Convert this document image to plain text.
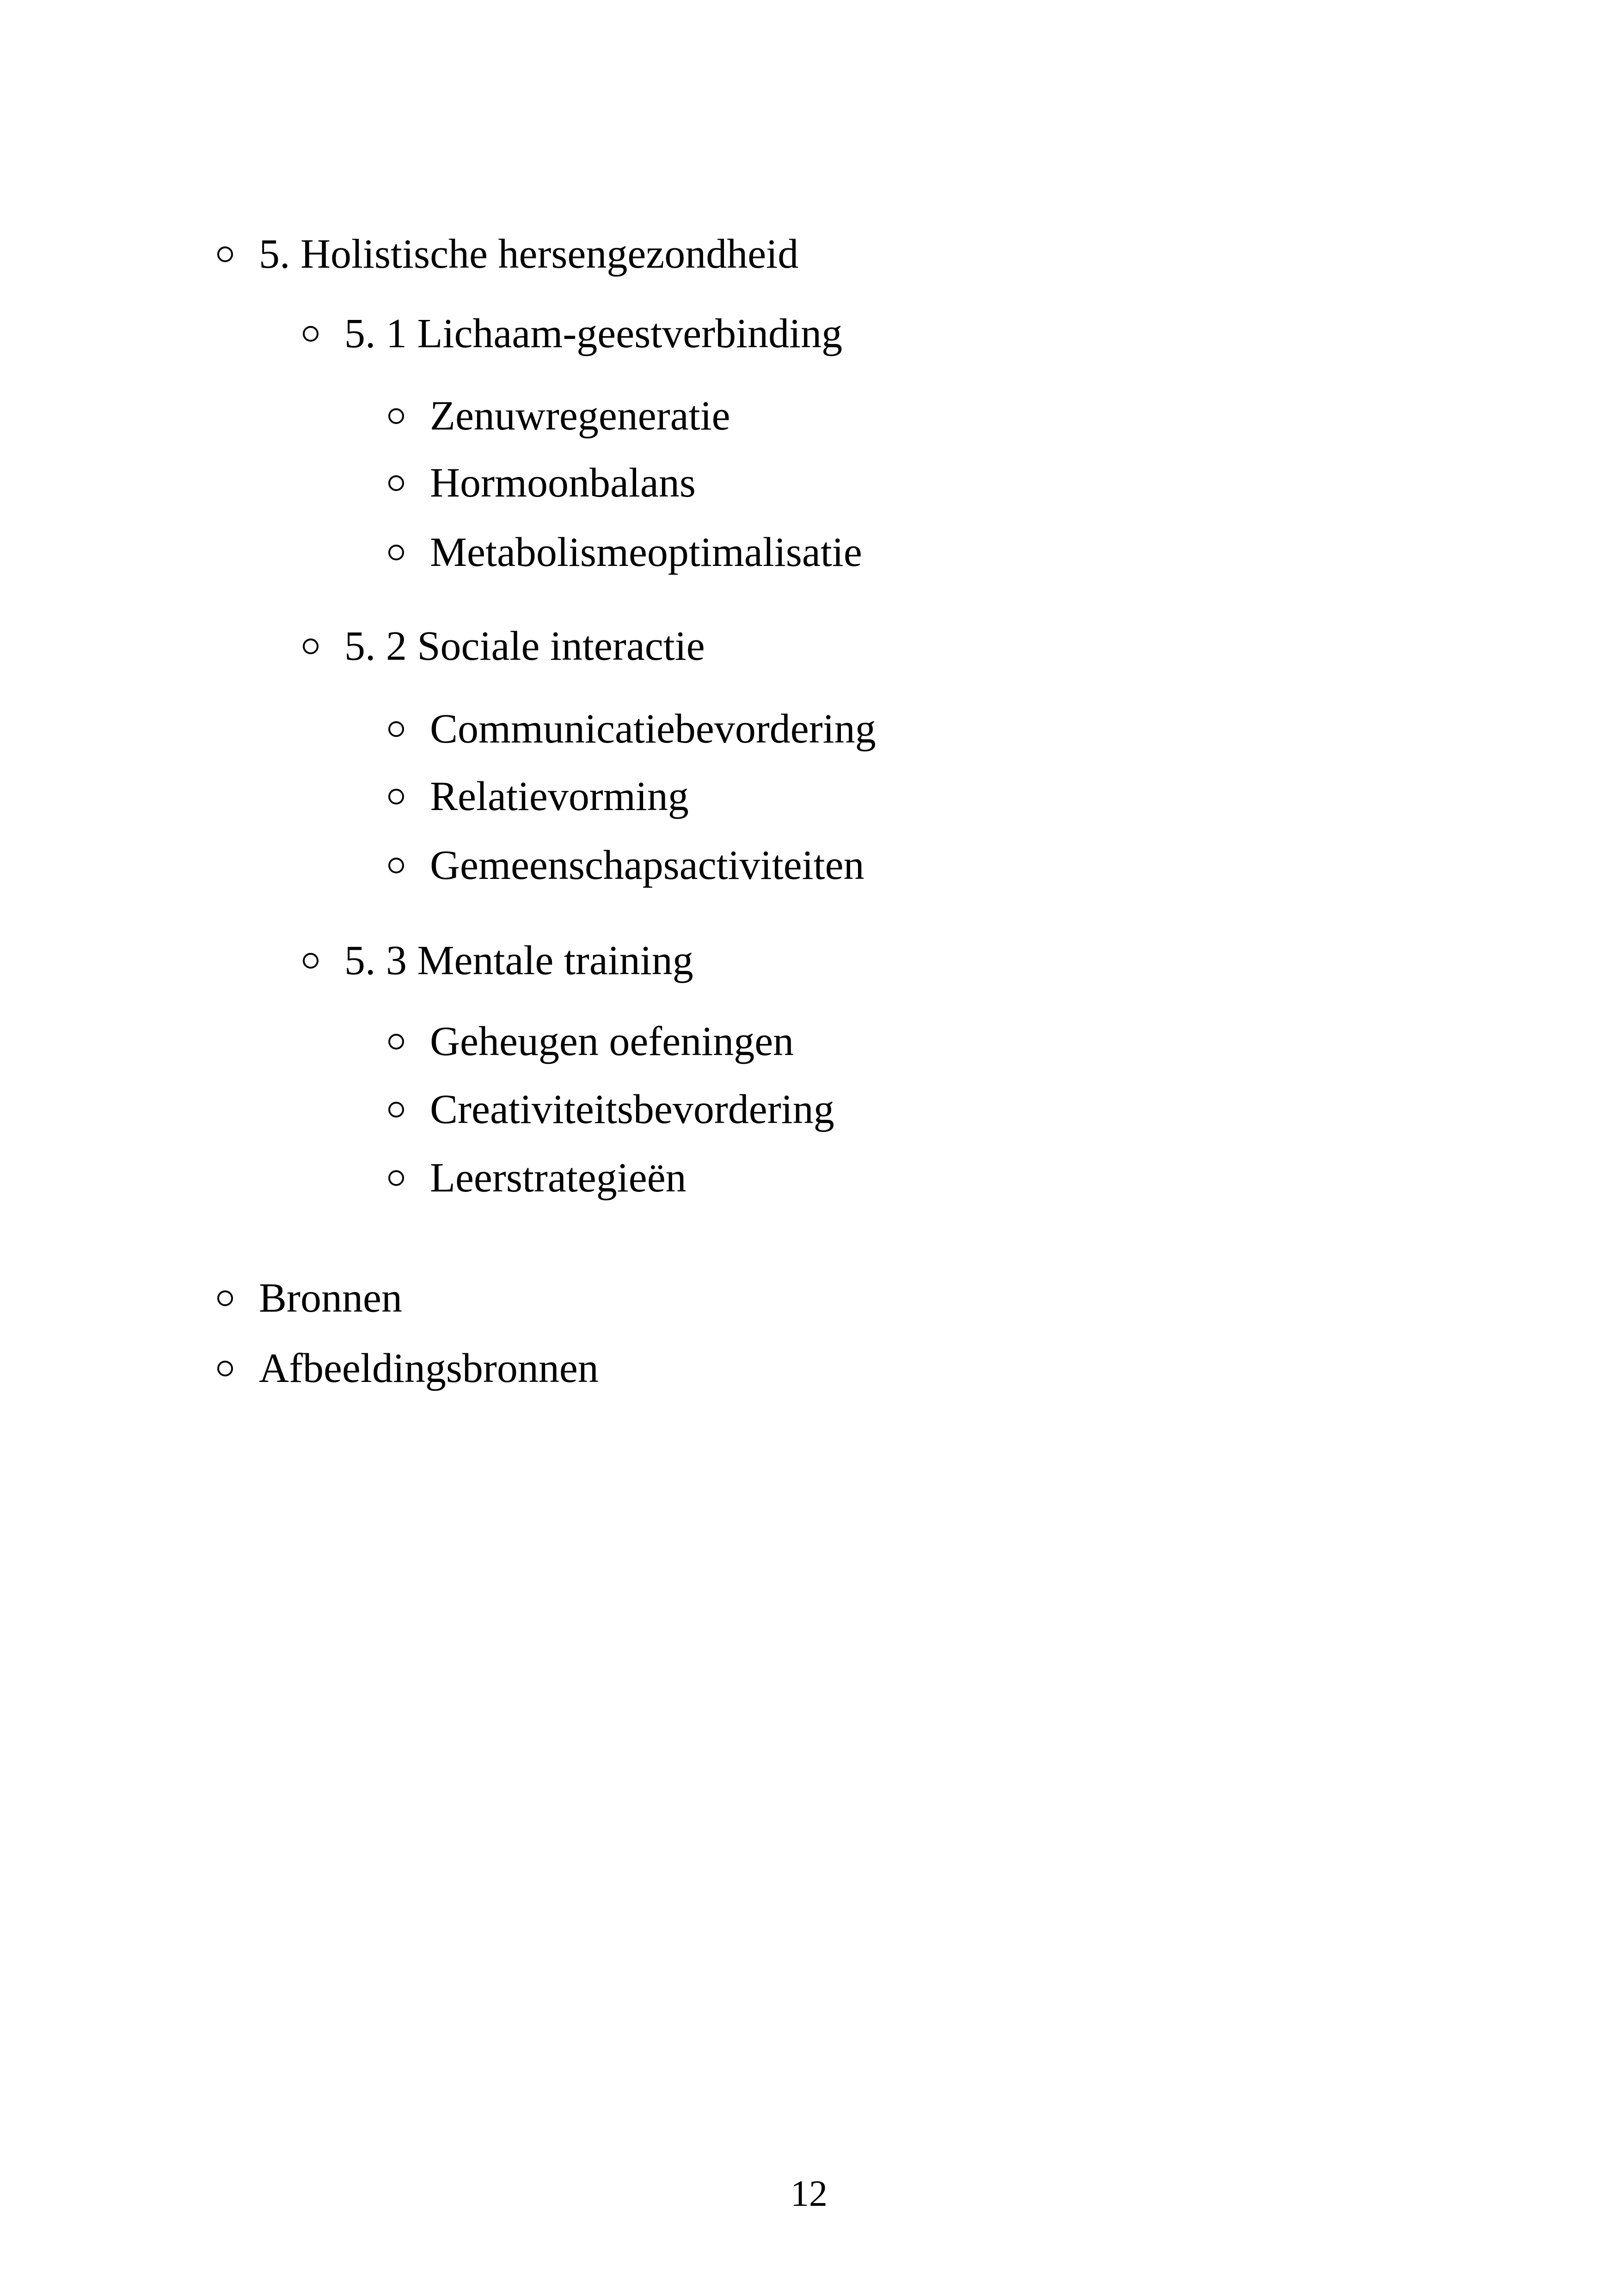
5. Holistische hersengezondheid
5. 1 Lichaam-geestverbinding
Zenuwregeneratie
Hormoonbalans
Metabolismeoptimalisatie
5. 2 Sociale interactie
Communicatiebevordering
Relatievorming
Gemeenschapsactiviteiten
5. 3 Mentale training
Geheugen oefeningen
Creativiteitsbevordering
Leerstrategieën
Bronnen
Afbeeldingsbronnen
12
